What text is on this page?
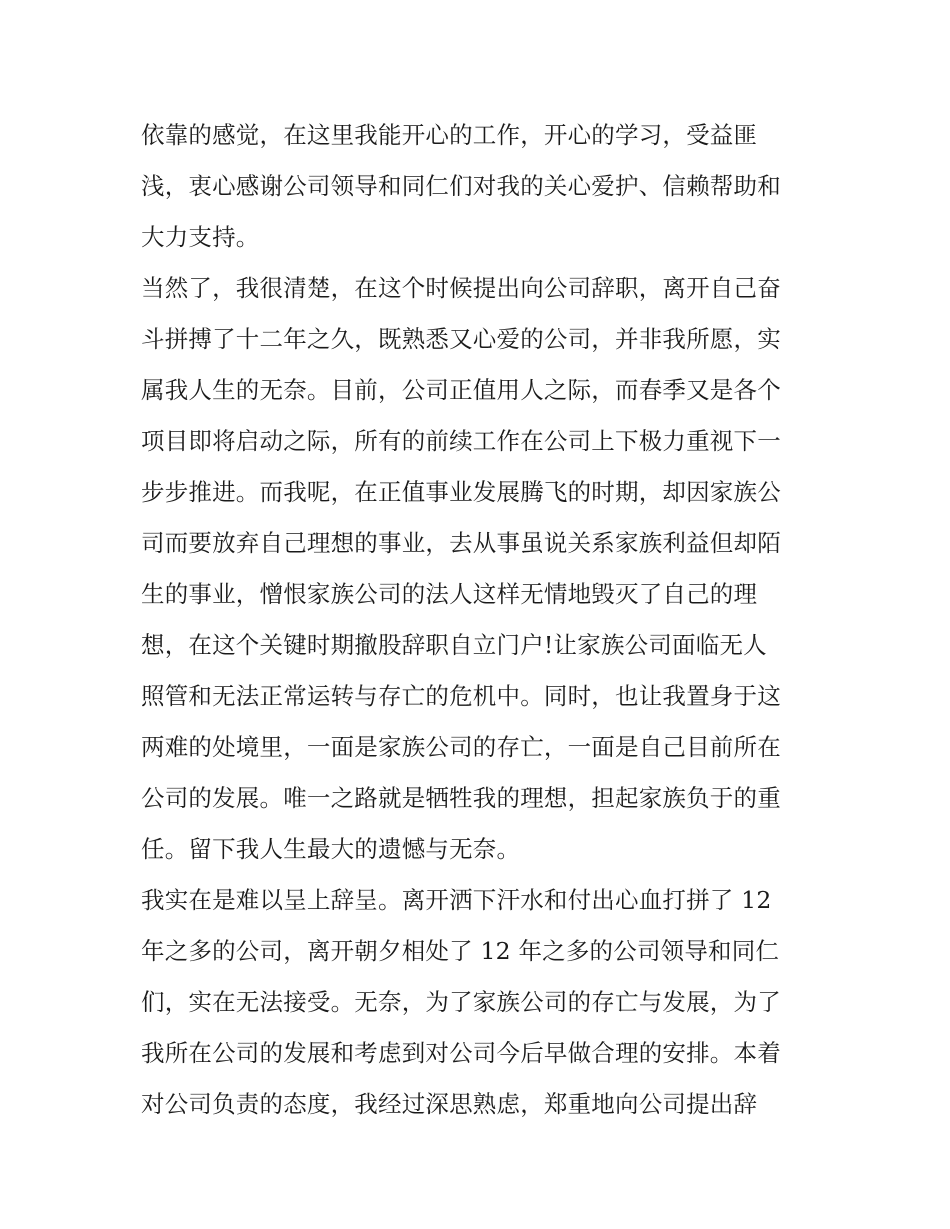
依靠的感觉，在这里我能开心的工作，开心的学习，受益匪
浅，衷心感谢公司领导和同仁们对我的关心爱护、信赖帮助和
大力支持。
当然了，我很清楚，在这个时候提出向公司辞职，离开自己奋
斗拼搏了十二年之久，既熟悉又心爱的公司，并非我所愿，实
属我人生的无奈。目前，公司正值用人之际，而春季又是各个
项目即将启动之际，所有的前续工作在公司上下极力重视下一
步步推进。而我呢，在正值事业发展腾飞的时期，却因家族公
司而要放弃自己理想的事业，去从事虽说关系家族利益但却陌
生的事业，憎恨家族公司的法人这样无情地毁灭了自己的理
想，在这个关键时期撤股辞职自立门户!让家族公司面临无人
照管和无法正常运转与存亡的危机中。同时，也让我置身于这
两难的处境里，一面是家族公司的存亡，一面是自己目前所在
公司的发展。唯一之路就是牺牲我的理想，担起家族负于的重
任。留下我人生最大的遗憾与无奈。
我实在是难以呈上辞呈。离开洒下汗水和付出心血打拼了 12
年之多的公司，离开朝夕相处了 12 年之多的公司领导和同仁
们，实在无法接受。无奈，为了家族公司的存亡与发展，为了
我所在公司的发展和考虑到对公司今后早做合理的安排。本着
对公司负责的态度，我经过深思熟虑，郑重地向公司提出辞
